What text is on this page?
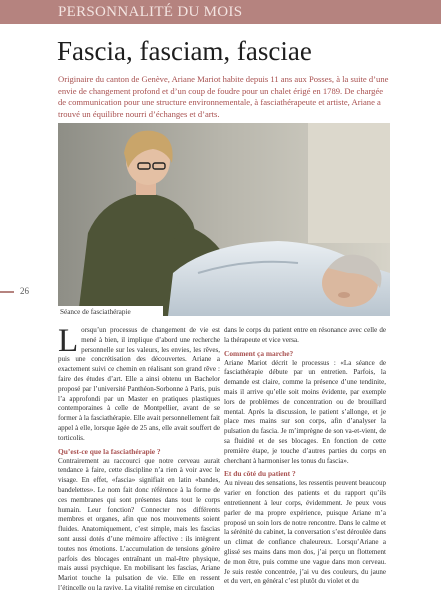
PERSONNALITÉ DU MOIS
Fascia, fasciam, fasciae

Originaire du canton de Genève, Ariane Mariot habite depuis 11 ans aux Posses, à la suite d’une envie de changement profond et d’un coup de foudre pour un chalet érigé en 1789. De chargée de communication pour une structure environnementale, à fasciathérapeute et artiste, Ariane a trouvé un équilibre nourri d’échanges et d’arts.

Séance de fasciathérapie
26

Lorsqu’un processus de changement de vie est mené à bien, il implique d’abord une recherche personnelle sur les valeurs, les envies, les rêves, puis une concrétisation des découvertes. Ariane a exactement suivi ce chemin en réalisant son grand rêve : faire des études d’art. Elle a ainsi obtenu un Bachelor proposé par l’université Panthéon-Sorbonne à Paris, puis l’a approfondi par un Master en pratiques plastiques contemporaines à celle de Montpellier, avant de se former à la fasciathérapie. Elle avait personnellement fait appel à elle, lorsque âgée de 25 ans, elle avait souffert de torticolis.

Qu’est-ce que la fasciathérapie ?

Contrairement au raccourci que notre cerveau aurait tendance à faire, cette discipline n’a rien à voir avec le visage. En effet, «fascia» signifiait en latin «bandes, bandelettes». Le nom fait donc référence à la forme de ces membranes qui sont présentes dans tout le corps humain. Leur fonction? Connecter nos différents membres et organes, afin que nos mouvements soient fluides. Anatomiquement, c’est simple, mais les fascias sont aussi dotés d’une mémoire affective : ils intègrent toutes nos émotions. L’accumulation de tensions génère parfois des blocages entraînant un mal-être physique, mais aussi psychique. En mobilisant les fascias, Ariane Mariot touche la pulsation de vie. Elle en ressent l’étincelle ou la ravive. La vitalité remise en circulation

dans le corps du patient entre en résonance avec celle de la thérapeute et vice versa.

Comment ça marche?

Ariane Mariot décrit le processus : «La séance de fasciathérapie débute par un entretien. Parfois, la demande est claire, comme la présence d’une tendinite, mais il arrive qu’elle soit moins évidente, par exemple lors de problèmes de concentration ou de brouillard mental. Après la discussion, le patient s’allonge, et je place mes mains sur son corps, afin d’analyser la pulsation du fascia. Je m’imprègne de son va-et-vient, de sa fluidité et de ses blocages. En fonction de cette première étape, je touche d’autres parties du corps en cherchant à harmoniser les tonus du fascia».

Et du côté du patient ?

Au niveau des sensations, les ressentis peuvent beaucoup varier en fonction des patients et du rapport qu’ils entretiennent à leur corps, évidemment. Je peux vous parler de ma propre expérience, puisque Ariane m’a proposé un soin lors de notre rencontre. Dans le calme et la sérénité du cabinet, la conversation s’est déroulée dans un climat de confiance chaleureux. Lorsqu’Ariane a glissé ses mains dans mon dos, j’ai perçu un flottement de mon être, puis comme une vague dans mon cerveau. Je suis restée concentrée, j’ai vu des couleurs, du jaune et du vert, en général c’est plutôt du violet et du
